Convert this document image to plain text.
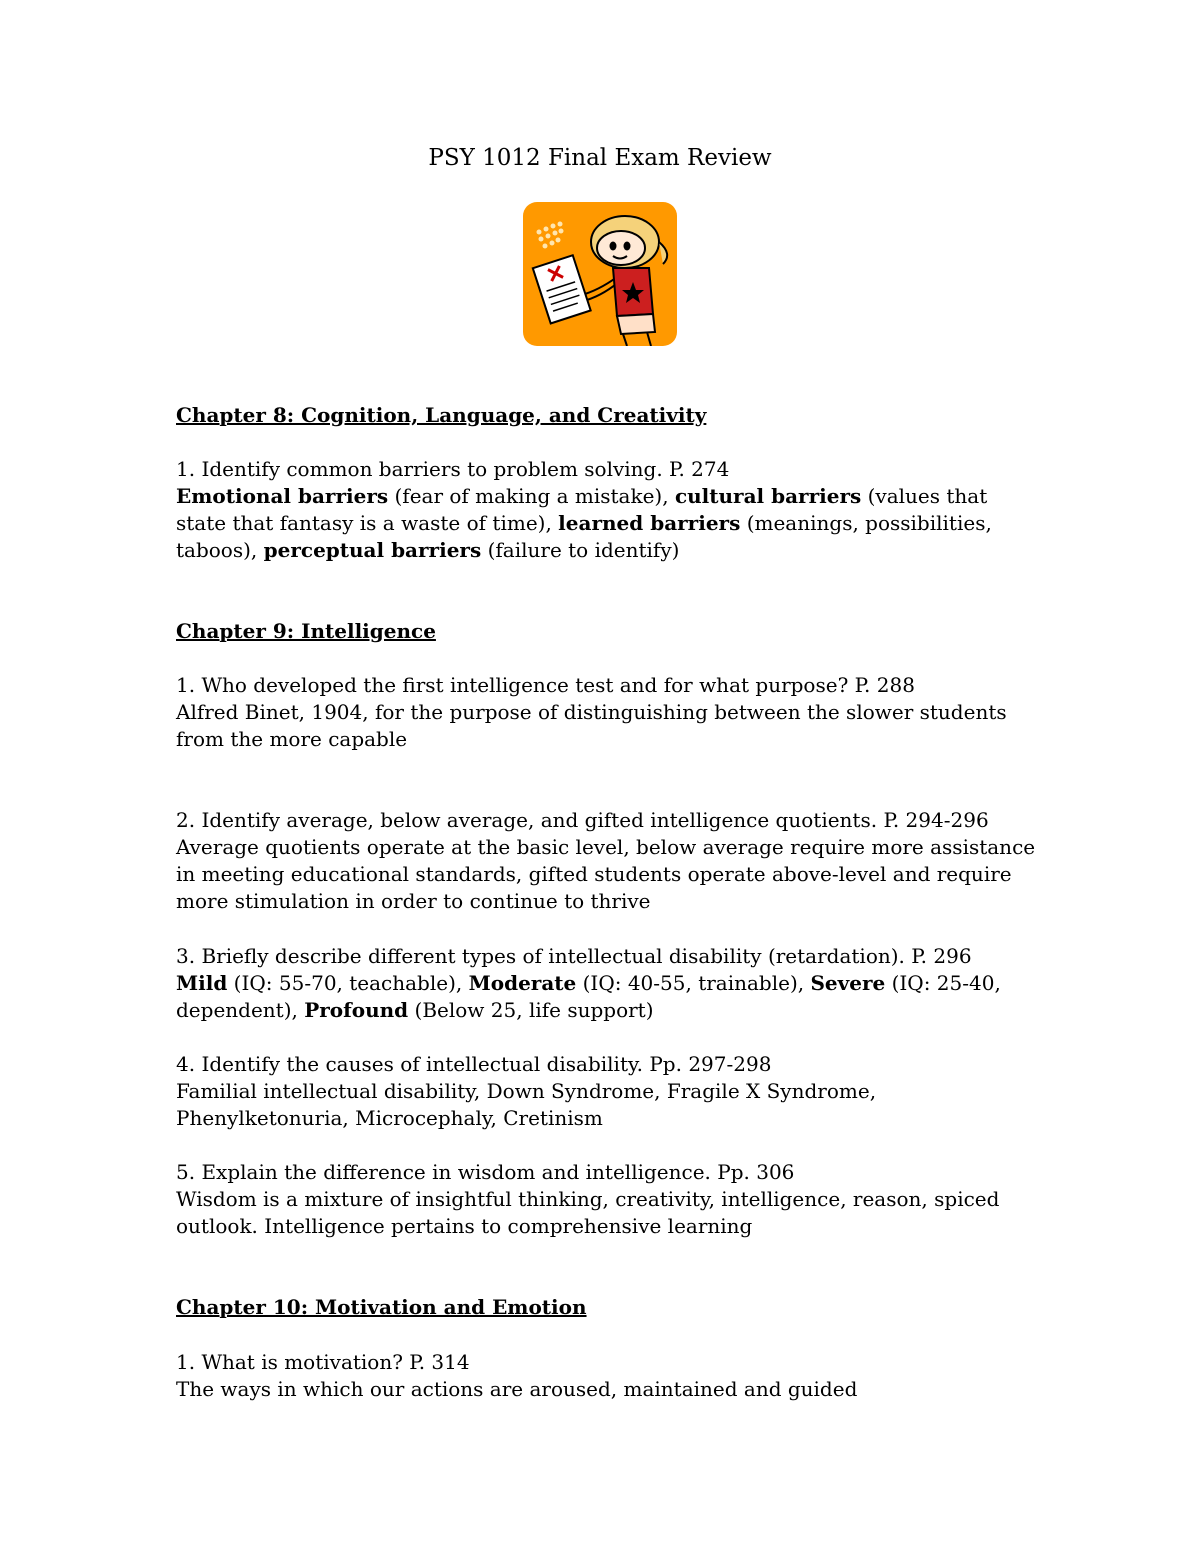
PSY 1012 Final Exam Review
Chapter 8: Cognition, Language, and Creativity
1. Identify common barriers to problem solving. P. 274
Emotional barriers (fear of making a mistake), cultural barriers (values that state that fantasy is a waste of time), learned barriers (meanings, possibilities, taboos), perceptual barriers (failure to identify)
Chapter 9: Intelligence
1. Who developed the first intelligence test and for what purpose? P. 288
Alfred Binet, 1904, for the purpose of distinguishing between the slower students from the more capable
2. Identify average, below average, and gifted intelligence quotients. P. 294-296
Average quotients operate at the basic level, below average require more assistance in meeting educational standards, gifted students operate above-level and require more stimulation in order to continue to thrive
3. Briefly describe different types of intellectual disability (retardation). P. 296
Mild (IQ: 55-70, teachable), Moderate (IQ: 40-55, trainable), Severe (IQ: 25-40, dependent), Profound (Below 25, life support)
4. Identify the causes of intellectual disability. Pp. 297-298
Familial intellectual disability, Down Syndrome, Fragile X Syndrome, Phenylketonuria, Microcephaly, Cretinism
5. Explain the difference in wisdom and intelligence. Pp. 306
Wisdom is a mixture of insightful thinking, creativity, intelligence, reason, spiced outlook. Intelligence pertains to comprehensive learning
Chapter 10: Motivation and Emotion
1. What is motivation? P. 314
The ways in which our actions are aroused, maintained and guided
